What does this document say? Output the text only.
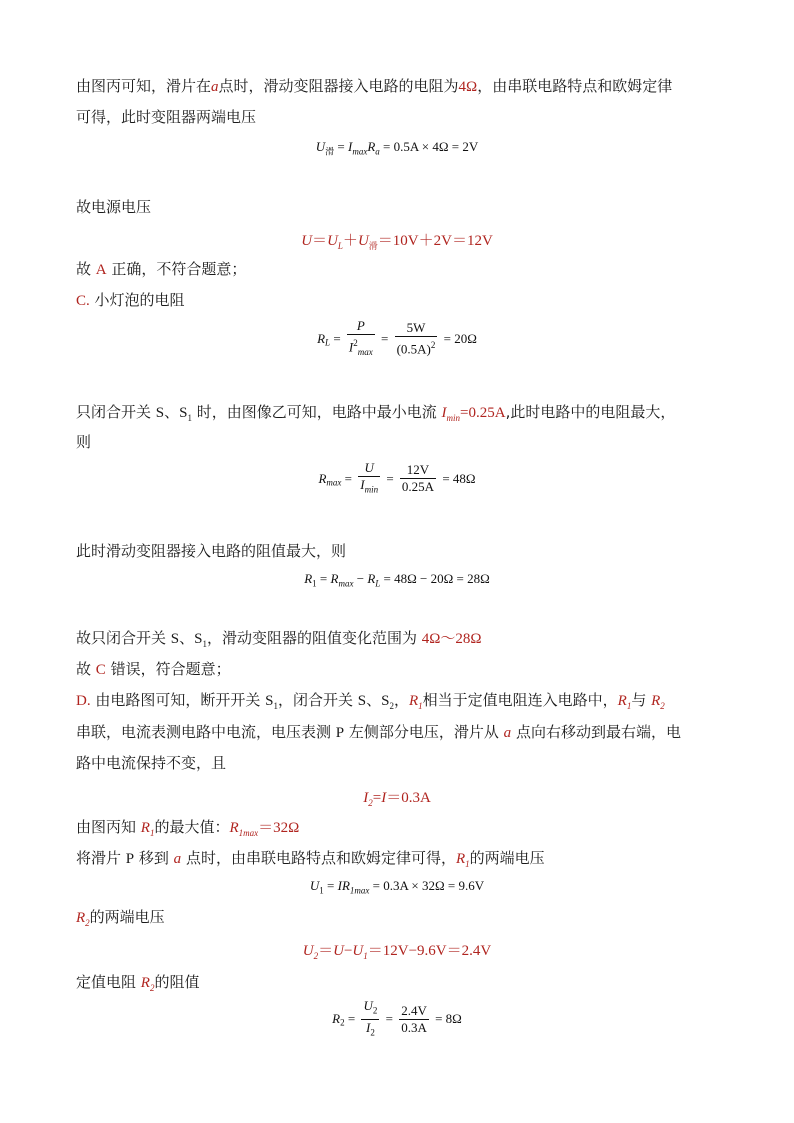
由图丙可知，滑片在a点时，滑动变阻器接入电路的电阻为4Ω，由串联电路特点和欧姆定律
可得，此时变阻器两端电压
$U_滑 = I_{max}R_a = 0.5A \times 4\Omega = 2V$
故电源电压
$U=U_L+U_滑=10V+2V=12V$
故 A 正确，不符合题意；
C. 小灯泡的电阻
$R_L = \frac{P}{I^2_{max}} = \frac{5W}{(0.5A)^2} = 20\Omega$
只闭合开关 S、$S_1$ 时，由图像乙可知，电路中最小电流 $I_{min}=0.25A$,此时电路中的电阻最大，
则
$R_{max} = \frac{U}{I_{min}} = \frac{12V}{0.25A} = 48\Omega$
此时滑动变阻器接入电路的阻值最大，则
$R_1 = R_{max} - R_L = 48\Omega - 20\Omega = 28\Omega$
故只闭合开关 S、$S_1$，滑动变阻器的阻值变化范围为 4Ω～28Ω
故 C 错误，符合题意；
D. 由电路图可知，断开开关 $S_1$，闭合开关 S、$S_2$，$R_1$相当于定值电阻连入电路中，$R_1$与 $R_2$
串联，电流表测电路中电流，电压表测 P 左侧部分电压，滑片从 a 点向右移动到最右端，电
路中电流保持不变，且
$I_2=I=0.3A$
由图丙知 $R_1$的最大值：$R_{1max}=32\Omega$
将滑片 P 移到 a 点时，由串联电路特点和欧姆定律可得，$R_1$的两端电压
$U_1 = IR_{1max} = 0.3A \times 32\Omega = 9.6V$
$R_2$的两端电压
$U_2=U-U_1=12V-9.6V=2.4V$
定值电阻 $R_2$的阻值
$R_2 = \frac{U_2}{I_2} = \frac{2.4V}{0.3A} = 8\Omega$
